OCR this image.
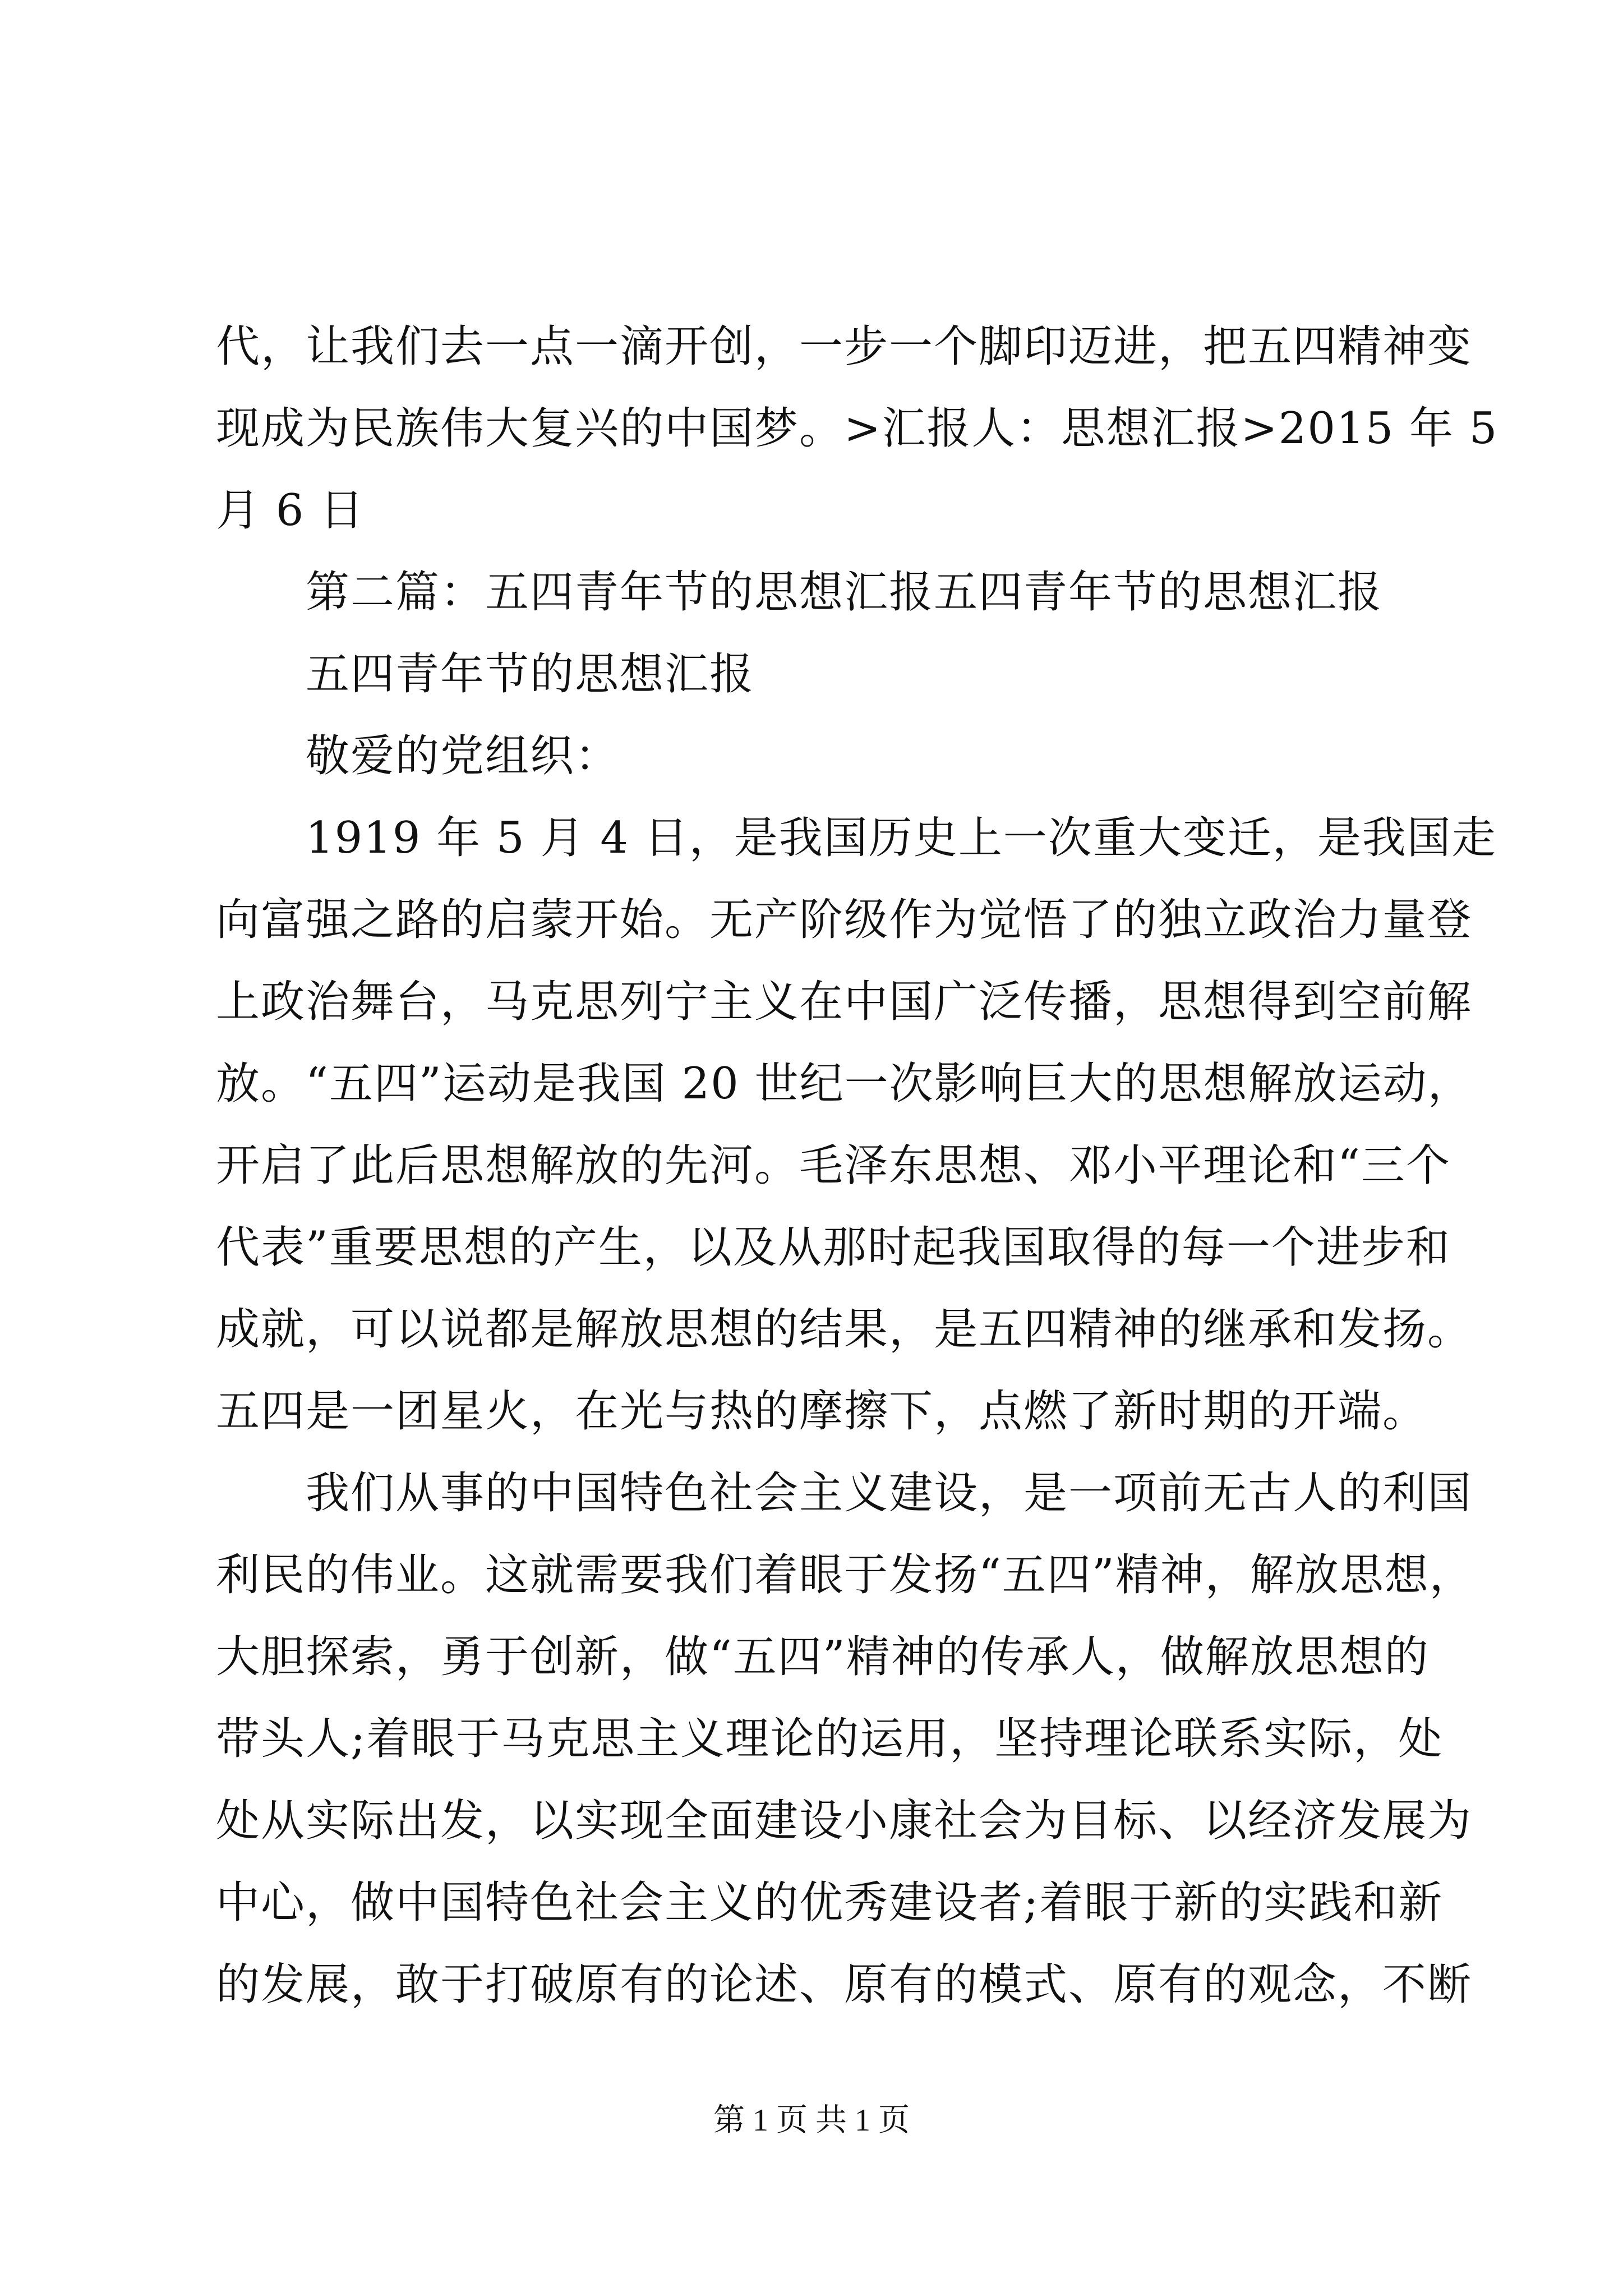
代，让我们去一点一滴开创，一步一个脚印迈进，把五四精神变
现成为民族伟大复兴的中国梦。>汇报人：思想汇报>2015 年 5
月 6 日
　　第二篇：五四青年节的思想汇报五四青年节的思想汇报
　　五四青年节的思想汇报
　　敬爱的党组织：
　　1919 年 5 月 4 日，是我国历史上一次重大变迁，是我国走
向富强之路的启蒙开始。无产阶级作为觉悟了的独立政治力量登
上政治舞台，马克思列宁主义在中国广泛传播，思想得到空前解
放。“五四”运动是我国 20 世纪一次影响巨大的思想解放运动，
开启了此后思想解放的先河。毛泽东思想、邓小平理论和“三个
代表”重要思想的产生，以及从那时起我国取得的每一个进步和
成就，可以说都是解放思想的结果，是五四精神的继承和发扬。
五四是一团星火，在光与热的摩擦下，点燃了新时期的开端。
　　我们从事的中国特色社会主义建设，是一项前无古人的利国
利民的伟业。这就需要我们着眼于发扬“五四”精神，解放思想，
大胆探索，勇于创新，做“五四”精神的传承人，做解放思想的
带头人;着眼于马克思主义理论的运用，坚持理论联系实际，处
处从实际出发，以实现全面建设小康社会为目标、以经济发展为
中心，做中国特色社会主义的优秀建设者;着眼于新的实践和新
的发展，敢于打破原有的论述、原有的模式、原有的观念，不断
第 1 页 共 1 页
